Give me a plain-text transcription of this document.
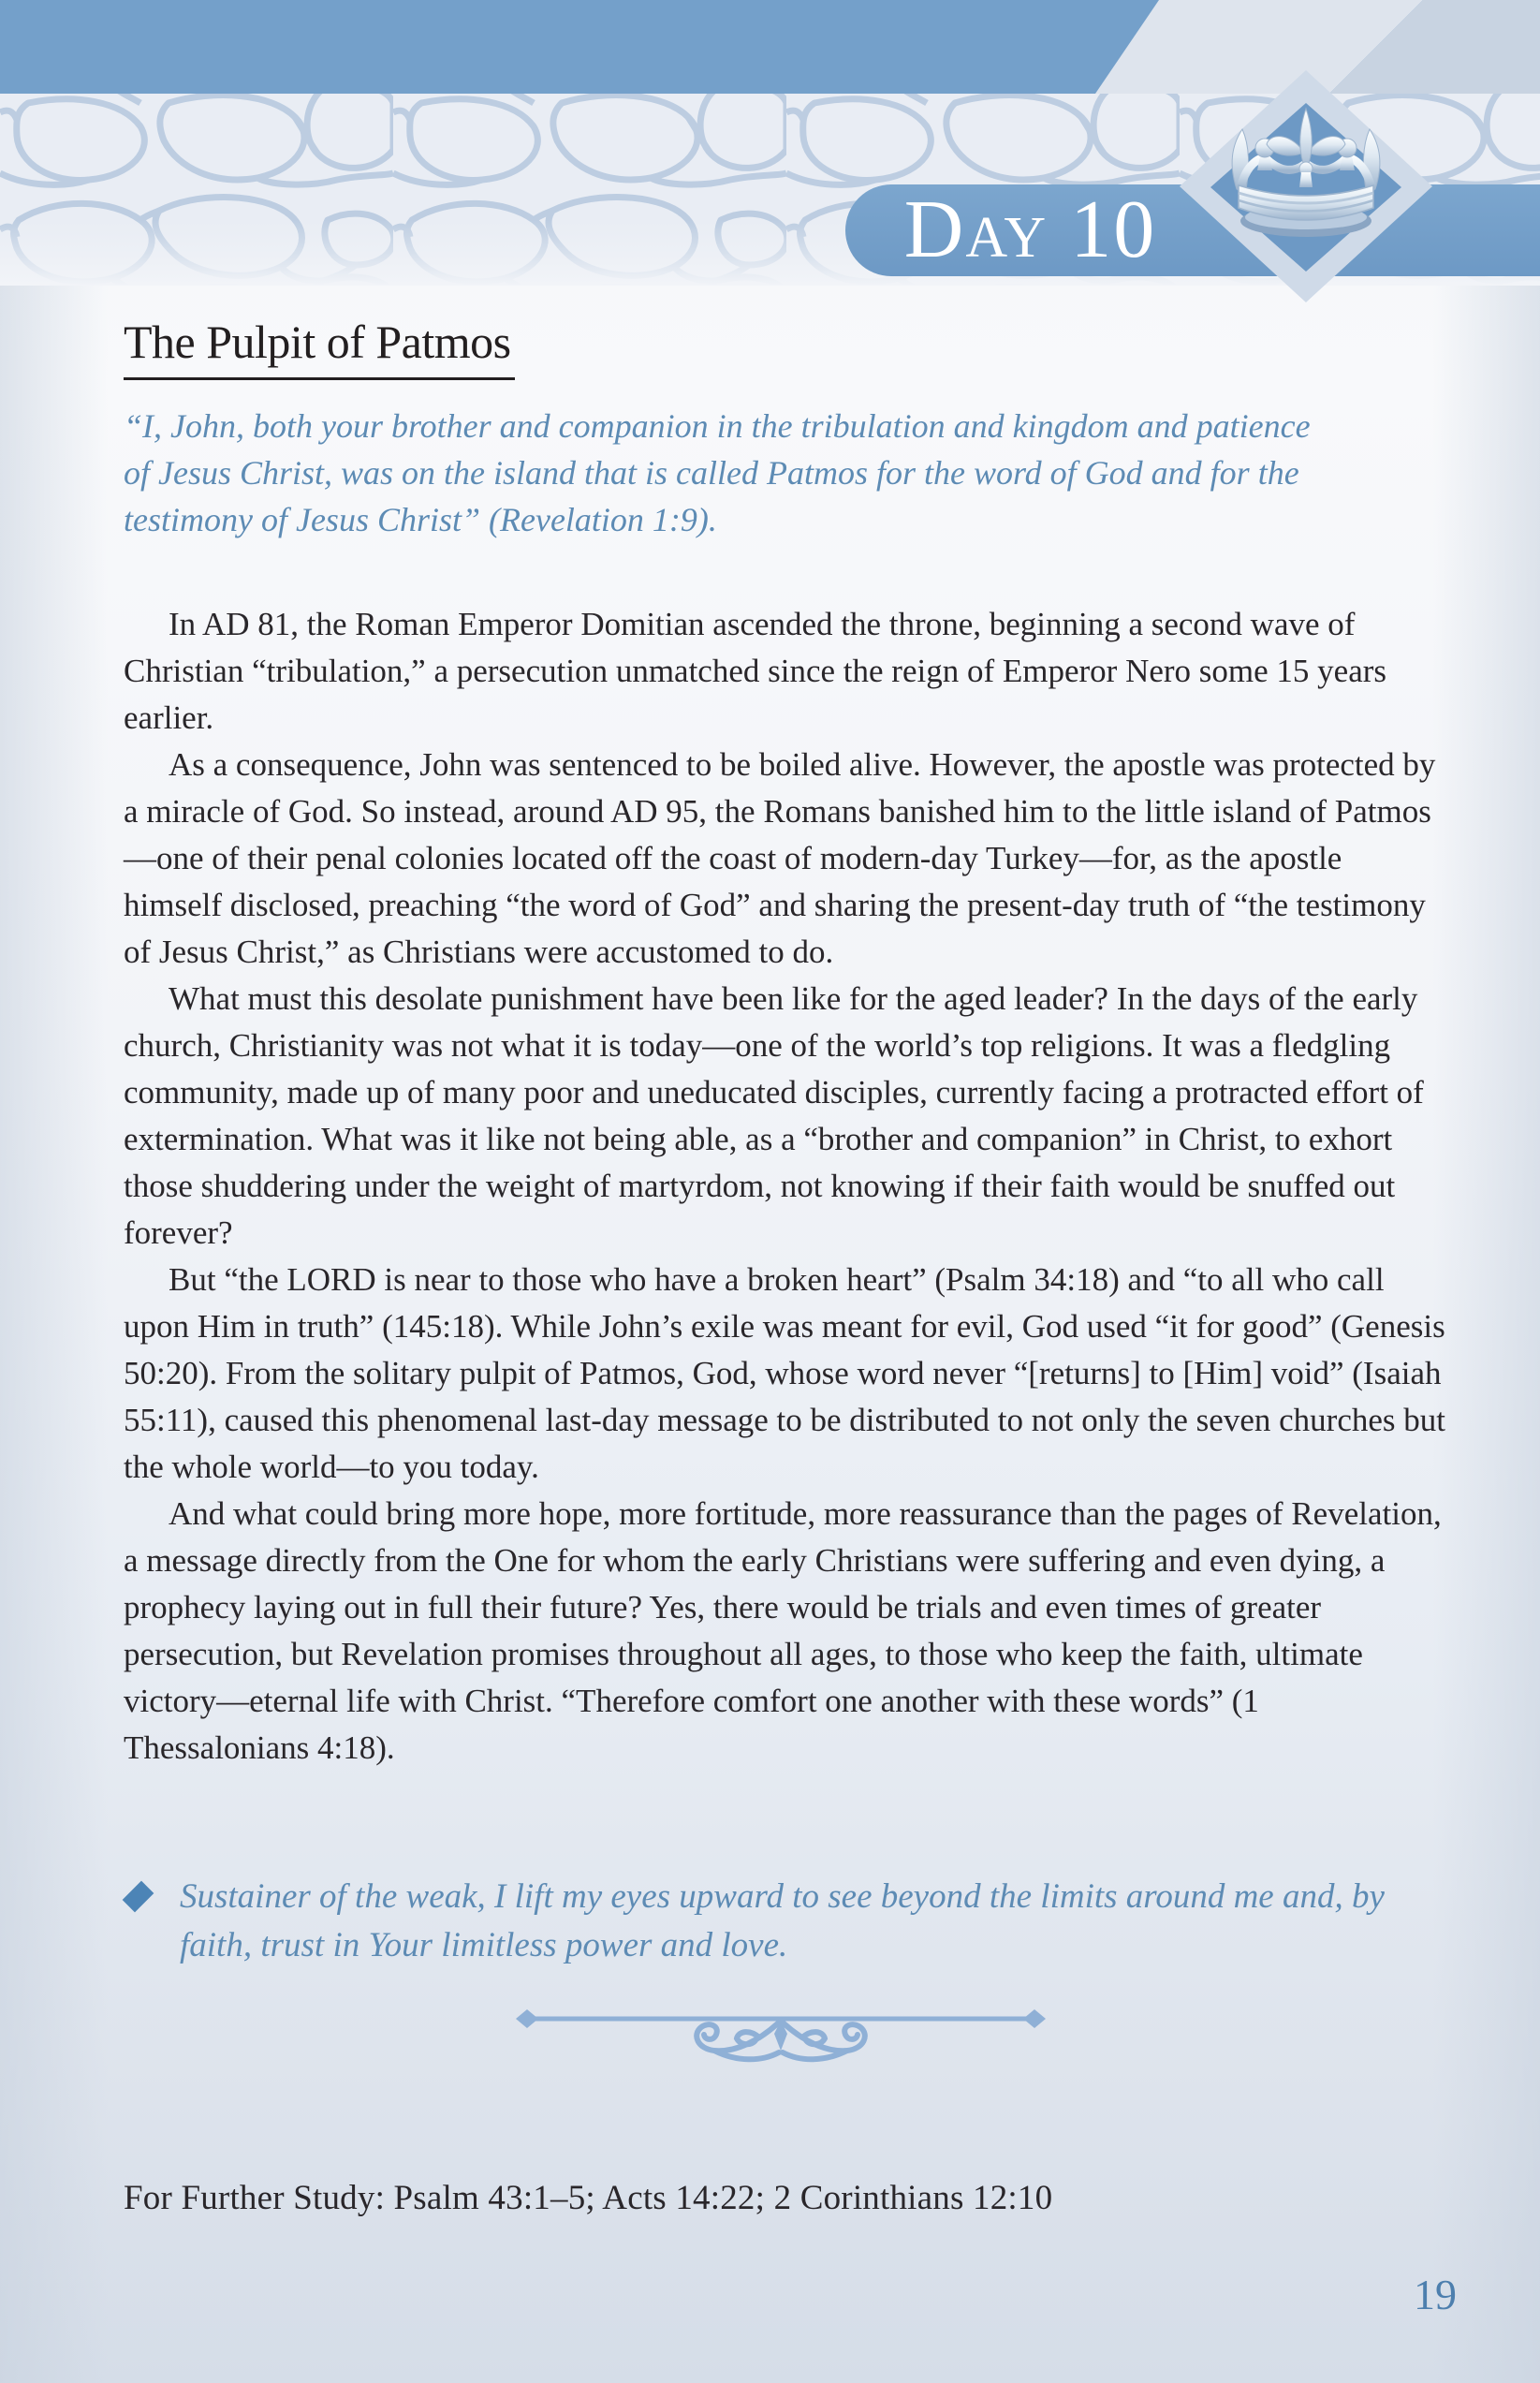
Day 10
The Pulpit of Patmos
“I, John, both your brother and companion in the tribulation and kingdom and patience of Jesus Christ, was on the island that is called Patmos for the word of God and for the testimony of Jesus Christ” (Revelation 1:9).

In AD 81, the Roman Emperor Domitian ascended the throne, beginning a second wave of Christian “tribulation,” a persecution unmatched since the reign of Emperor Nero some 15 years earlier.

As a consequence, John was sentenced to be boiled alive. However, the apostle was protected by a miracle of God. So instead, around AD 95, the Romans banished him to the little island of Patmos—one of their penal colonies located off the coast of modern-day Turkey—for, as the apostle himself disclosed, preaching “the word of God” and sharing the present-day truth of “the testimony of Jesus Christ,” as Christians were accustomed to do.

What must this desolate punishment have been like for the aged leader? In the days of the early church, Christianity was not what it is today—one of the world’s top religions. It was a fledgling community, made up of many poor and uneducated disciples, currently facing a protracted effort of extermination. What was it like not being able, as a “brother and companion” in Christ, to exhort those shuddering under the weight of martyrdom, not knowing if their faith would be snuffed out forever?

But “the LORD is near to those who have a broken heart” (Psalm 34:18) and “to all who call upon Him in truth” (145:18). While John’s exile was meant for evil, God used “it for good” (Genesis 50:20). From the solitary pulpit of Patmos, God, whose word never “[returns] to [Him] void” (Isaiah 55:11), caused this phenomenal last-day message to be distributed to not only the seven churches but the whole world—to you today.

And what could bring more hope, more fortitude, more reassurance than the pages of Revelation, a message directly from the One for whom the early Christians were suffering and even dying, a prophecy laying out in full their future? Yes, there would be trials and even times of greater persecution, but Revelation promises throughout all ages, to those who keep the faith, ultimate victory—eternal life with Christ. “Therefore comfort one another with these words” (1 Thessalonians 4:18).

Sustainer of the weak, I lift my eyes upward to see beyond the limits around me and, by faith, trust in Your limitless power and love.
For Further Study: Psalm 43:1–5; Acts 14:22; 2 Corinthians 12:10
19
